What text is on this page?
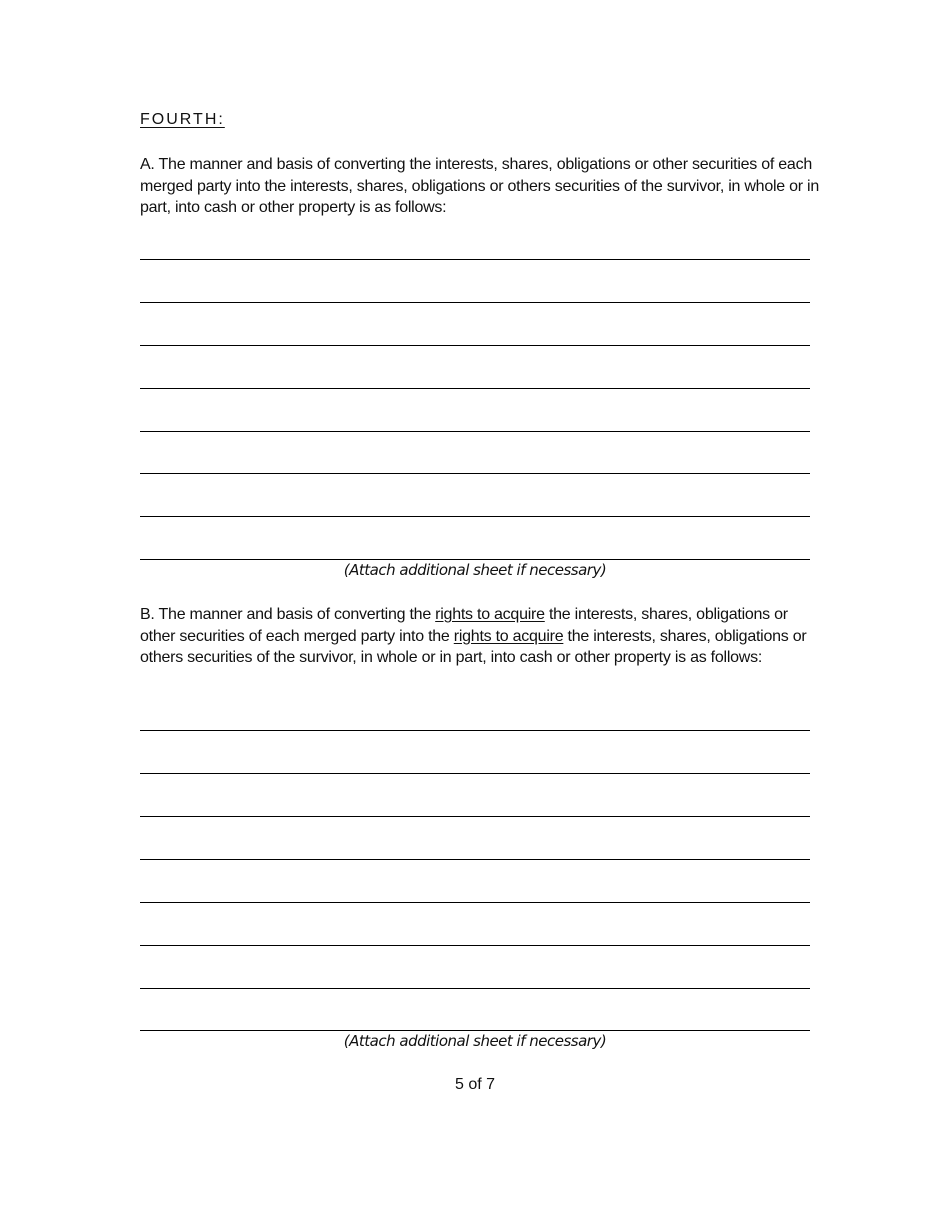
FOURTH:
A. The manner and basis of converting the interests, shares, obligations or other securities of each merged party into the interests, shares, obligations or others securities of the survivor, in whole or in part, into cash or other property is as follows:
(Attach additional sheet if necessary)
B. The manner and basis of converting the rights to acquire the interests, shares, obligations or other securities of each merged party into the rights to acquire the interests, shares, obligations or others securities of the survivor, in whole or in part, into cash or other property is as follows:
(Attach additional sheet if necessary)
5 of 7
